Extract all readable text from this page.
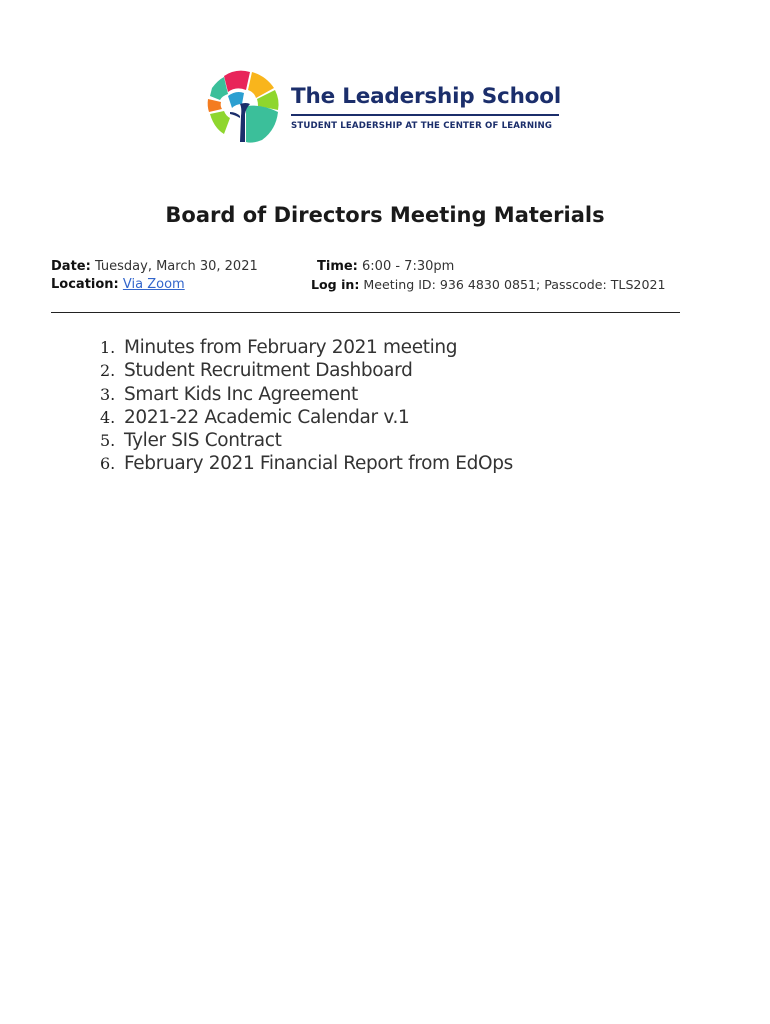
The Leadership School
STUDENT LEADERSHIP AT THE CENTER OF LEARNING
Board of Directors Meeting Materials
Date: Tuesday, March 30, 2021
Location: Via Zoom
Time: 6:00 - 7:30pm
Log in: Meeting ID: 936 4830 0851; Passcode: TLS2021
1. Minutes from February 2021 meeting
2. Student Recruitment Dashboard
3. Smart Kids Inc Agreement
4. 2021-22 Academic Calendar v.1
5. Tyler SIS Contract
6. February 2021 Financial Report from EdOps
